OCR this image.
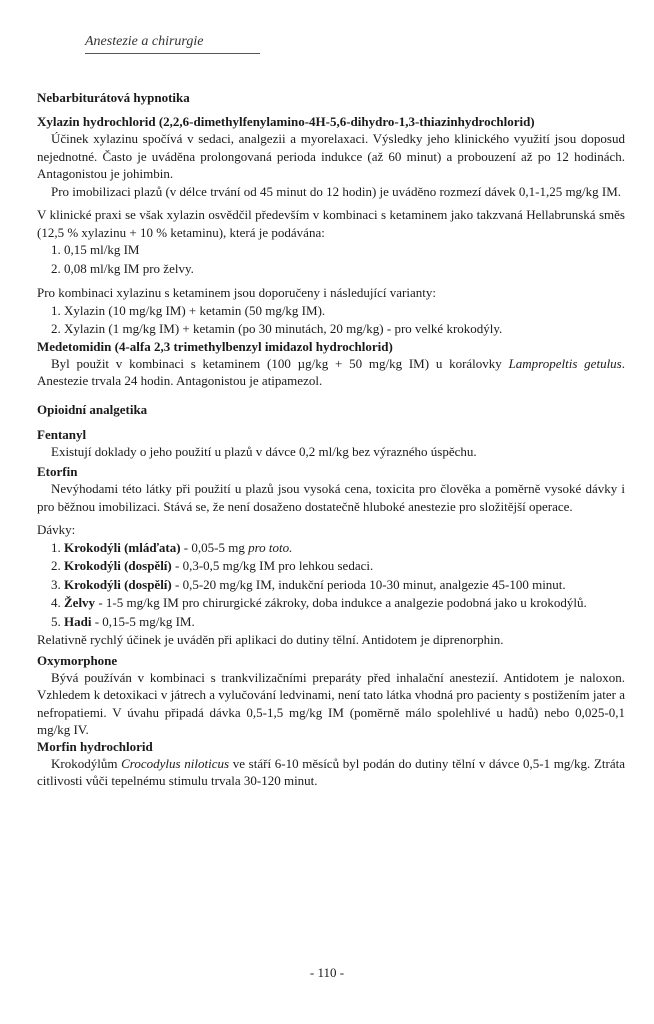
Anestezie a chirurgie
Nebarbiturátová hypnotika
Xylazin hydrochlorid (2,2,6-dimethylfenylamino-4H-5,6-dihydro-1,3-thiazinhydrochlorid)

Účinek xylazinu spočívá v sedaci, analgezii a myorelaxaci. Výsledky jeho klinického využití jsou doposud nejednotné. Často je uváděna prolongovaná perioda indukce (až 60 minut) a probouzení až po 12 hodinách. Antagonistou je johimbin.

Pro imobilizaci plazů (v délce trvání od 45 minut do 12 hodin) je uváděno rozmezí dávek 0,1-1,25 mg/kg IM.

V klinické praxi se však xylazin osvědčil především v kombinaci s ketaminem jako takzvaná Hellabrunská směs (12,5 % xylazinu + 10 % ketaminu), která je podávána:

1. 0,15 ml/kg IM
2. 0,08 ml/kg IM pro želvy.

Pro kombinaci xylazinu s ketaminem jsou doporučeny i následující varianty:

1. Xylazin (10 mg/kg IM) + ketamin (50 mg/kg IM).
2. Xylazin (1 mg/kg IM) + ketamin (po 30 minutách, 20 mg/kg) - pro velké krokodýly.
Medetomidin (4-alfa 2,3 trimethylbenzyl imidazol hydrochlorid)

Byl použit v kombinaci s ketaminem (100 µg/kg + 50 mg/kg IM) u korálovky Lampropeltis getulus. Anestezie trvala 24 hodin. Antagonistou je atipamezol.

Opioidní analgetika
Fentanyl

Existují doklady o jeho použití u plazů v dávce 0,2 ml/kg bez výrazného úspěchu.

Etorfin

Nevýhodami této látky při použití u plazů jsou vysoká cena, toxicita pro člověka a poměrně vysoké dávky i pro běžnou imobilizaci. Stává se, že není dosaženo dostatečně hluboké anestezie pro složitější operace.

Dávky:

1. Krokodýli (mláďata) - 0,05-5 mg pro toto.
2. Krokodýli (dospělí) - 0,3-0,5 mg/kg IM pro lehkou sedaci.
3. Krokodýli (dospělí) - 0,5-20 mg/kg IM, indukční perioda 10-30 minut, analgezie 45-100 minut.
4. Želvy - 1-5 mg/kg IM pro chirurgické zákroky, doba indukce a analgezie podobná jako u krokodýlů.
5. Hadi - 0,15-5 mg/kg IM.

Relativně rychlý účinek je uváděn při aplikaci do dutiny tělní. Antidotem je diprenorphin.

Oxymorphone

Bývá používán v kombinaci s trankvilizačními preparáty před inhalační anestezií. Antidotem je naloxon. Vzhledem k detoxikaci v játrech a vylučování ledvinami, není tato látka vhodná pro pacienty s postižením jater a nefropatiemi. V úvahu připadá dávka 0,5-1,5 mg/kg IM (poměrně málo spolehlivé u hadů) nebo 0,025-0,1 mg/kg IV.

Morfin hydrochlorid

Krokodýlům Crocodylus niloticus ve stáří 6-10 měsíců byl podán do dutiny tělní v dávce 0,5-1 mg/kg. Ztráta citlivosti vůči tepelnému stimulu trvala 30-120 minut.

- 110 -
